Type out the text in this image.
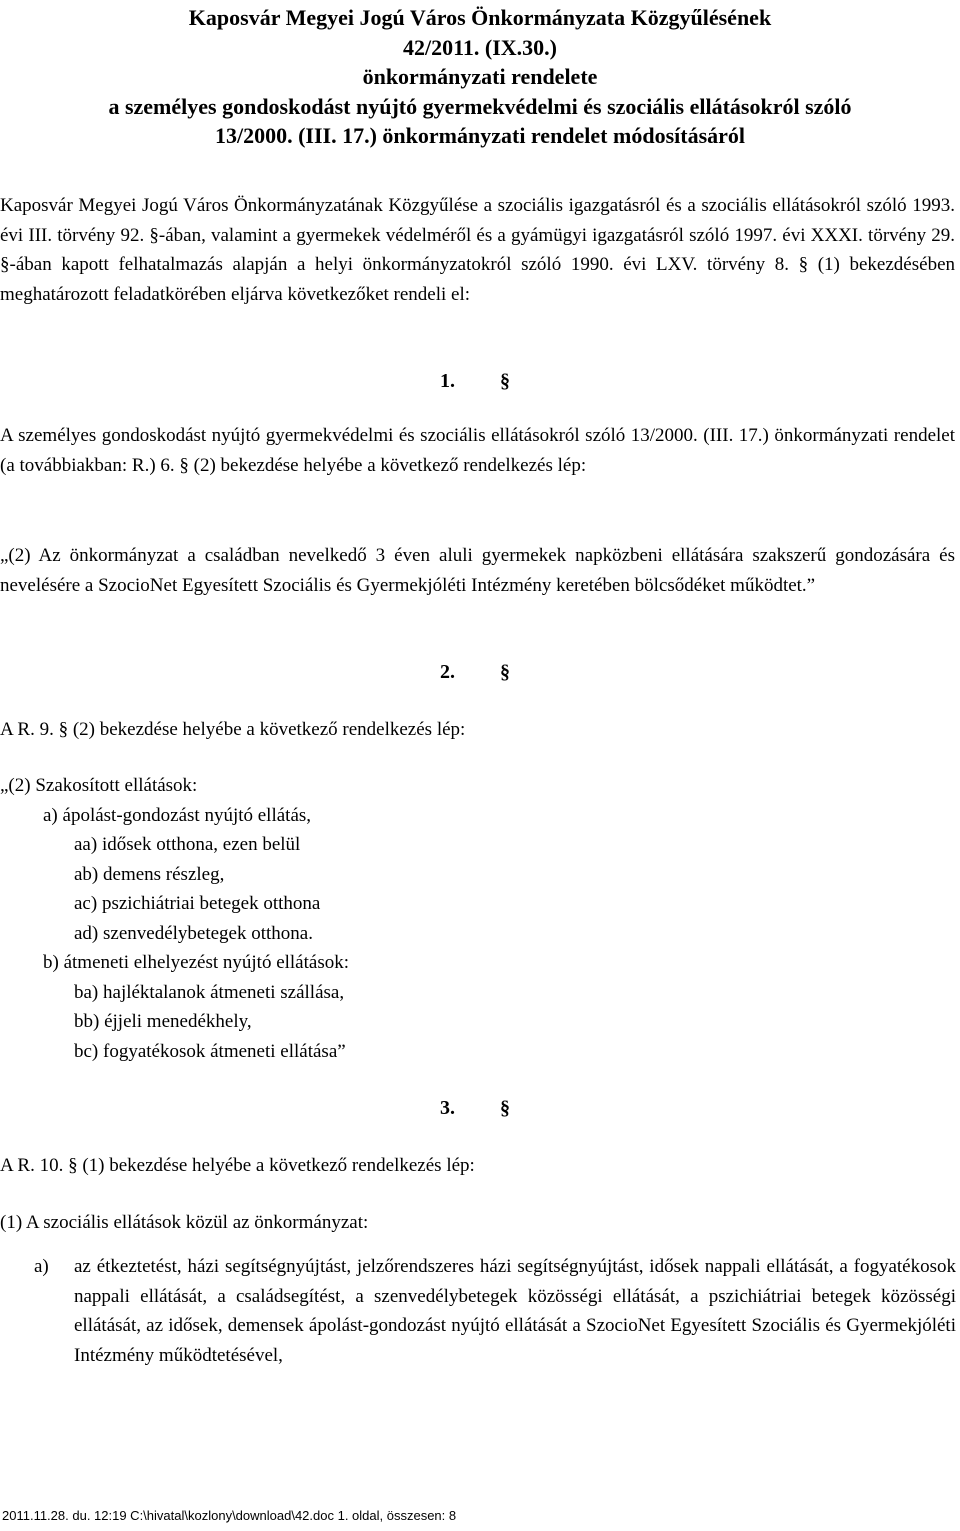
Kaposvár Megyei Jogú Város Önkormányzata Közgyűlésének
42/2011. (IX.30.)
önkormányzati rendelete
a személyes gondoskodást nyújtó gyermekvédelmi és szociális ellátásokról szóló
13/2000. (III. 17.) önkormányzati rendelet módosításáról
Kaposvár Megyei Jogú Város Önkormányzatának Közgyűlése a szociális igazgatásról és a szociális ellátásokról szóló 1993. évi III. törvény 92. §-ában, valamint a gyermekek védelméről és a gyámügyi igazgatásról szóló 1997. évi XXXI. törvény 29. §-ában kapott felhatalmazás alapján a helyi önkormányzatokról szóló 1990. évi LXV. törvény 8. § (1) bekezdésében meghatározott feladatkörében eljárva következőket rendeli el:
1. §
A személyes gondoskodást nyújtó gyermekvédelmi és szociális ellátásokról szóló 13/2000. (III. 17.) önkormányzati rendelet (a továbbiakban: R.) 6. § (2) bekezdése helyébe a következő rendelkezés lép:
„(2) Az önkormányzat a családban nevelkedő 3 éven aluli gyermekek napközbeni ellátására szakszerű gondozására és nevelésére a SzocioNet Egyesített Szociális és Gyermekjóléti Intézmény keretében bölcsődéket működtet.”
2. §
A R. 9. § (2) bekezdése helyébe a következő rendelkezés lép:
„(2) Szakosított ellátások:
a) ápolást-gondozást nyújtó ellátás,
aa) idősek otthona, ezen belül
ab) demens részleg,
ac) pszichiátriai betegek otthona
ad) szenvedélybetegek otthona.
b) átmeneti elhelyezést nyújtó ellátások:
ba) hajléktalanok átmeneti szállása,
bb) éjjeli menedékhely,
bc) fogyatékosok átmeneti ellátása”
3. §
A R. 10. § (1) bekezdése helyébe a következő rendelkezés lép:
(1) A szociális ellátások közül az önkormányzat:
a)	az étkeztetést, házi segítségnyújtást, jelzőrendszeres házi segítségnyújtást, idősek nappali ellátását, a fogyatékosok nappali ellátását, a családsegítést, a szenvedélybetegek közösségi ellátását, a pszichiátriai betegek közösségi ellátását, az idősek, demensek ápolást-gondozást nyújtó ellátását a SzocioNet Egyesített Szociális és Gyermekjóléti Intézmény működtetésével,
2011.11.28. du. 12:19 C:\hivatal\kozlony\download\42.doc 1. oldal, összesen: 8
